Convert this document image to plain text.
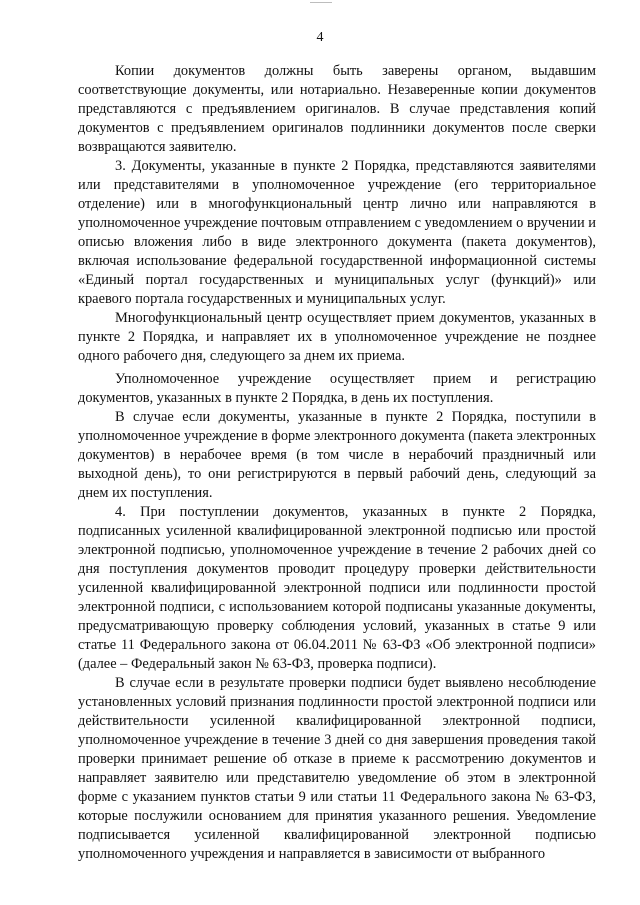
4

Копии документов должны быть заверены органом, выдавшим соответствующие документы, или нотариально. Незаверенные копии документов представляются с предъявлением оригиналов. В случае представления копий документов с предъявлением оригиналов подлинники документов после сверки возвращаются заявителю.

3. Документы, указанные в пункте 2 Порядка, представляются заявителями или представителями в уполномоченное учреждение (его территориальное отделение) или в многофункциональный центр лично или направляются в уполномоченное учреждение почтовым отправлением с уведомлением о вручении и описью вложения либо в виде электронного документа (пакета документов), включая использование федеральной государственной информационной системы «Единый портал государственных и муниципальных услуг (функций)» или краевого портала государственных и муниципальных услуг.

Многофункциональный центр осуществляет прием документов, указанных в пункте 2 Порядка, и направляет их в уполномоченное учреждение не позднее одного рабочего дня, следующего за днем их приема.

Уполномоченное учреждение осуществляет прием и регистрацию документов, указанных в пункте 2 Порядка, в день их поступления.

В случае если документы, указанные в пункте 2 Порядка, поступили в уполномоченное учреждение в форме электронного документа (пакета электронных документов) в нерабочее время (в том числе в нерабочий праздничный или выходной день), то они регистрируются в первый рабочий день, следующий за днем их поступления.

4. При поступлении документов, указанных в пункте 2 Порядка, подписанных усиленной квалифицированной электронной подписью или простой электронной подписью, уполномоченное учреждение в течение 2 рабочих дней со дня поступления документов проводит процедуру проверки действительности усиленной квалифицированной электронной подписи или подлинности простой электронной подписи, с использованием которой подписаны указанные документы, предусматривающую проверку соблюдения условий, указанных в статье 9 или статье 11 Федерального закона от 06.04.2011 № 63-ФЗ «Об электронной подписи» (далее – Федеральный закон № 63-ФЗ, проверка подписи).

В случае если в результате проверки подписи будет выявлено несоблюдение установленных условий признания подлинности простой электронной подписи или действительности усиленной квалифицированной электронной подписи, уполномоченное учреждение в течение 3 дней со дня завершения проведения такой проверки принимает решение об отказе в приеме к рассмотрению документов и направляет заявителю или представителю уведомление об этом в электронной форме с указанием пунктов статьи 9 или статьи 11 Федерального закона № 63-ФЗ, которые послужили основанием для принятия указанного решения. Уведомление подписывается усиленной квалифицированной электронной подписью уполномоченного учреждения и направляется в зависимости от выбранного
